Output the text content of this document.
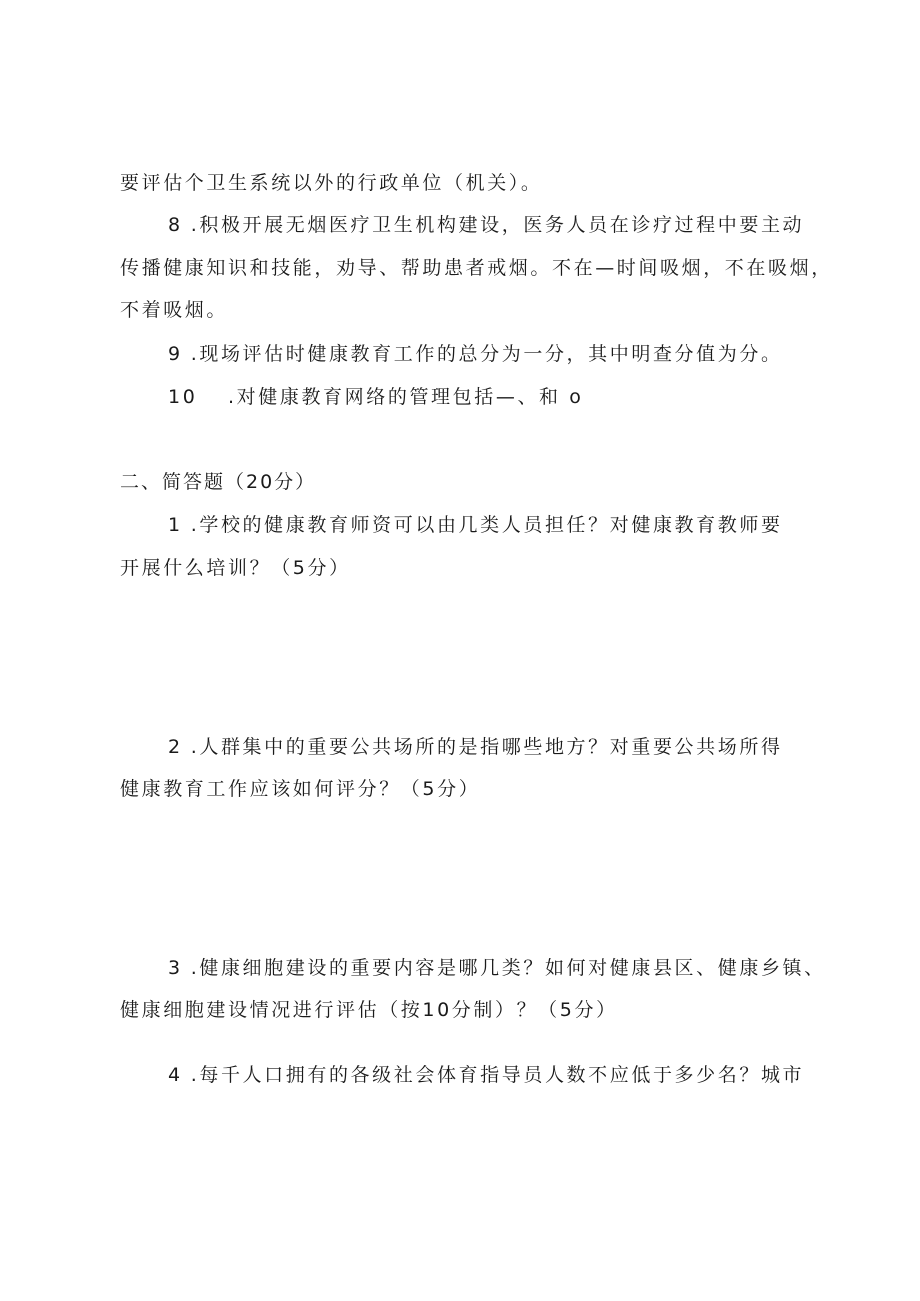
要评估个卫生系统以外的行政单位（机关）。
8 .积极开展无烟医疗卫生机构建设，医务人员在诊疗过程中要主动
传播健康知识和技能，劝导、帮助患者戒烟。不在—时间吸烟，不在吸烟，
不着吸烟。
9 .现场评估时健康教育工作的总分为一分，其中明查分值为分。
10 .对健康教育网络的管理包括—、和 o
二、简答题（20分）
1 .学校的健康教育师资可以由几类人员担任？对健康教育教师要
开展什么培训？（5分）
2 .人群集中的重要公共场所的是指哪些地方？对重要公共场所得
健康教育工作应该如何评分？（5分）
3 .健康细胞建设的重要内容是哪几类？如何对健康县区、健康乡镇、
健康细胞建设情况进行评估（按10分制）？（5分）
4 .每千人口拥有的各级社会体育指导员人数不应低于多少名？城市
